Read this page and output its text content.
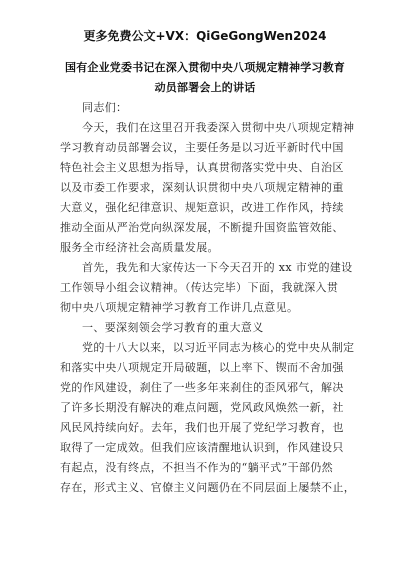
更多免费公文+VX：QiGeGongWen2024
国有企业党委书记在深入贯彻中央八项规定精神学习教育
动员部署会上的讲话
同志们：
今天，我们在这里召开我委深入贯彻中央八项规定精神
学习教育动员部署会议，主要任务是以习近平新时代中国
特色社会主义思想为指导，认真贯彻落实党中央、自治区
以及市委工作要求，深刻认识贯彻中央八项规定精神的重
大意义，强化纪律意识、规矩意识，改进工作作风，持续
推动全面从严治党向纵深发展，不断提升国资监管效能、
服务全市经济社会高质量发展。
首先，我先和大家传达一下今天召开的 xx 市党的建设
工作领导小组会议精神。（传达完毕）下面，我就深入贯
彻中央八项规定精神学习教育工作讲几点意见。
一、要深刻领会学习教育的重大意义
党的十八大以来，以习近平同志为核心的党中央从制定
和落实中央八项规定开局破题，以上率下、锲而不舍加强
党的作风建设，刹住了一些多年来刹住的歪风邪气，解决
了许多长期没有解决的难点问题，党风政风焕然一新，社
风民风持续向好。去年，我们也开展了党纪学习教育，也
取得了一定成效。但我们应该清醒地认识到，作风建设只
有起点，没有终点，不担当不作为的“躺平式”干部仍然
存在，形式主义、官僚主义问题仍在不同层面上屡禁不止，
